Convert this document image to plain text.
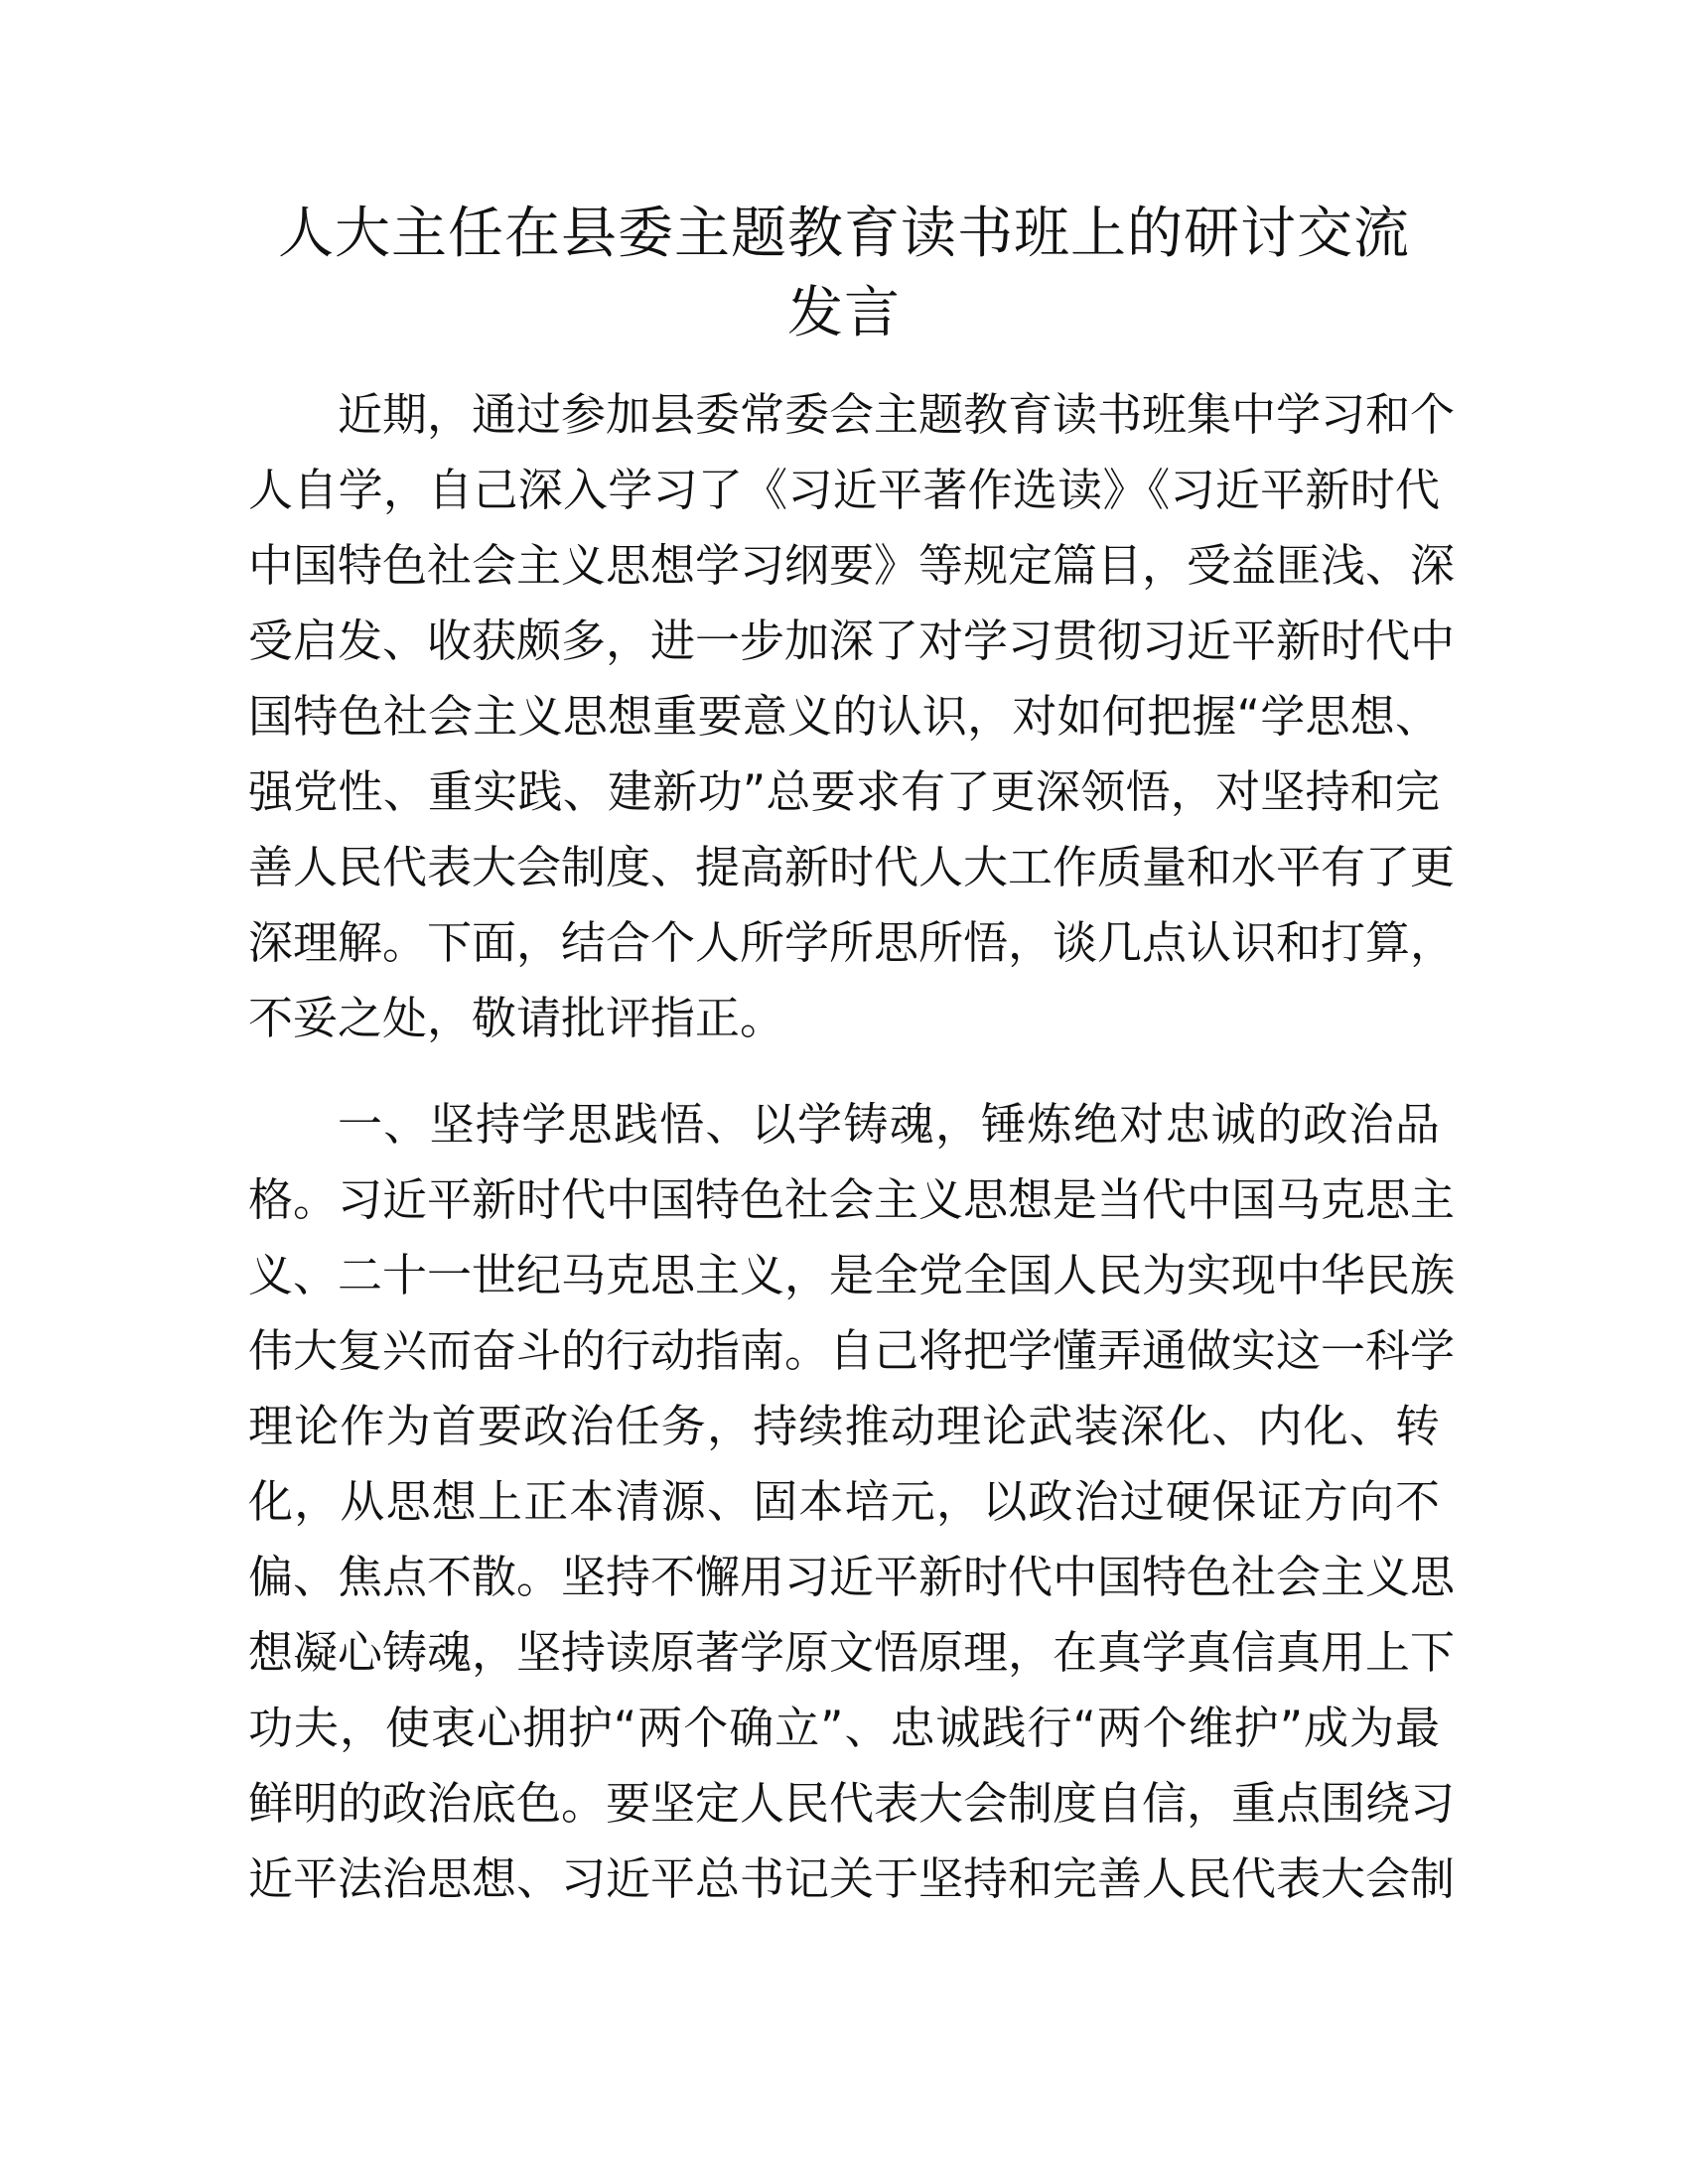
人大主任在县委主题教育读书班上的研讨交流
发言
近期，通过参加县委常委会主题教育读书班集中学习和个
人自学，自己深入学习了《习近平著作选读》《习近平新时代
中国特色社会主义思想学习纲要》等规定篇目，受益匪浅、深
受启发、收获颇多，进一步加深了对学习贯彻习近平新时代中
国特色社会主义思想重要意义的认识，对如何把握“学思想、
强党性、重实践、建新功”总要求有了更深领悟，对坚持和完
善人民代表大会制度、提高新时代人大工作质量和水平有了更
深理解。下面，结合个人所学所思所悟，谈几点认识和打算，
不妥之处，敬请批评指正。
一、坚持学思践悟、以学铸魂，锤炼绝对忠诚的政治品
格。习近平新时代中国特色社会主义思想是当代中国马克思主
义、二十一世纪马克思主义，是全党全国人民为实现中华民族
伟大复兴而奋斗的行动指南。自己将把学懂弄通做实这一科学
理论作为首要政治任务，持续推动理论武装深化、内化、转
化，从思想上正本清源、固本培元，以政治过硬保证方向不
偏、焦点不散。坚持不懈用习近平新时代中国特色社会主义思
想凝心铸魂，坚持读原著学原文悟原理，在真学真信真用上下
功夫，使衷心拥护“两个确立”、忠诚践行“两个维护”成为最
鲜明的政治底色。要坚定人民代表大会制度自信，重点围绕习
近平法治思想、习近平总书记关于坚持和完善人民代表大会制
